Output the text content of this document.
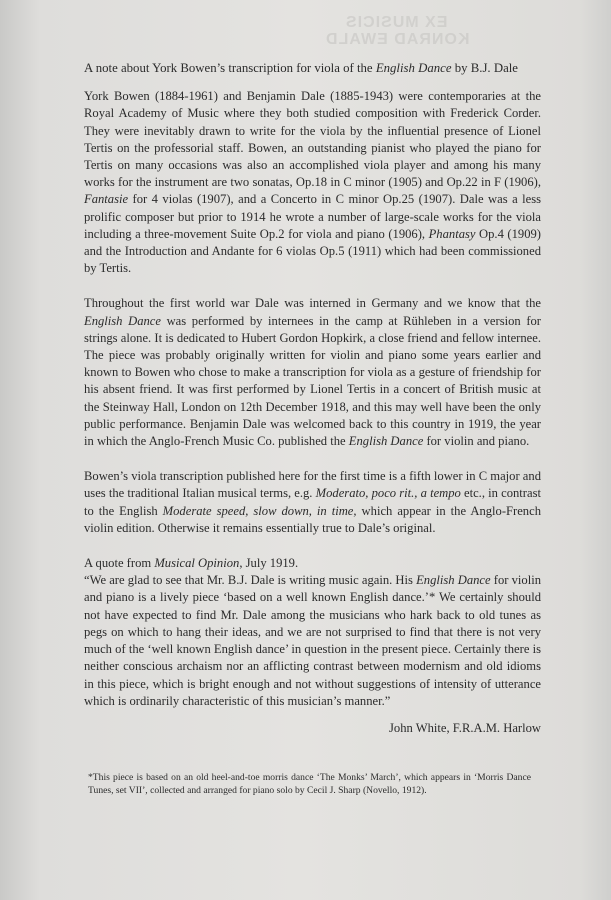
EX MUSICIS
KONRAD EWALD
A note about York Bowen’s transcription for viola of the English Dance by B.J. Dale

York Bowen (1884-1961) and Benjamin Dale (1885-1943) were contemporaries at the Royal Academy of Music where they both studied composition with Frederick Corder. They were inevitably drawn to write for the viola by the influential presence of Lionel Tertis on the professorial staff. Bowen, an outstanding pianist who played the piano for Tertis on many occasions was also an accomplished viola player and among his many works for the instrument are two sonatas, Op.18 in C minor (1905) and Op.22 in F (1906), Fantasie for 4 violas (1907), and a Concerto in C minor Op.25 (1907). Dale was a less prolific composer but prior to 1914 he wrote a number of large-scale works for the viola including a three-movement Suite Op.2 for viola and piano (1906), Phantasy Op.4 (1909) and the Introduction and Andante for 6 violas Op.5 (1911) which had been commissioned by Tertis.

Throughout the first world war Dale was interned in Germany and we know that the English Dance was performed by internees in the camp at Rühleben in a version for strings alone. It is dedicated to Hubert Gordon Hopkirk, a close friend and fellow internee. The piece was probably originally written for violin and piano some years earlier and known to Bowen who chose to make a transcription for viola as a gesture of friendship for his absent friend. It was first performed by Lionel Tertis in a concert of British music at the Steinway Hall, London on 12th December 1918, and this may well have been the only public performance. Benjamin Dale was welcomed back to this country in 1919, the year in which the Anglo-French Music Co. published the English Dance for violin and piano.

Bowen’s viola transcription published here for the first time is a fifth lower in C major and uses the traditional Italian musical terms, e.g. Moderato, poco rit., a tempo etc., in contrast to the English Moderate speed, slow down, in time, which appear in the Anglo-French violin edition. Otherwise it remains essentially true to Dale’s original.

A quote from Musical Opinion, July 1919.

“We are glad to see that Mr. B.J. Dale is writing music again. His English Dance for violin and piano is a lively piece ‘based on a well known English dance.’* We certainly should not have expected to find Mr. Dale among the musicians who hark back to old tunes as pegs on which to hang their ideas, and we are not surprised to find that there is not very much of the ‘well known English dance’ in question in the present piece. Certainly there is neither conscious archaism nor an afflicting contrast between modernism and old idioms in this piece, which is bright enough and not without suggestions of intensity of utterance which is ordinarily characteristic of this musician’s manner.”

John White, F.R.A.M. Harlow
*This piece is based on an old heel-and-toe morris dance ‘The Monks’ March’, which appears in ‘Morris Dance Tunes, set VII’, collected and arranged for piano solo by Cecil J. Sharp (Novello, 1912).
